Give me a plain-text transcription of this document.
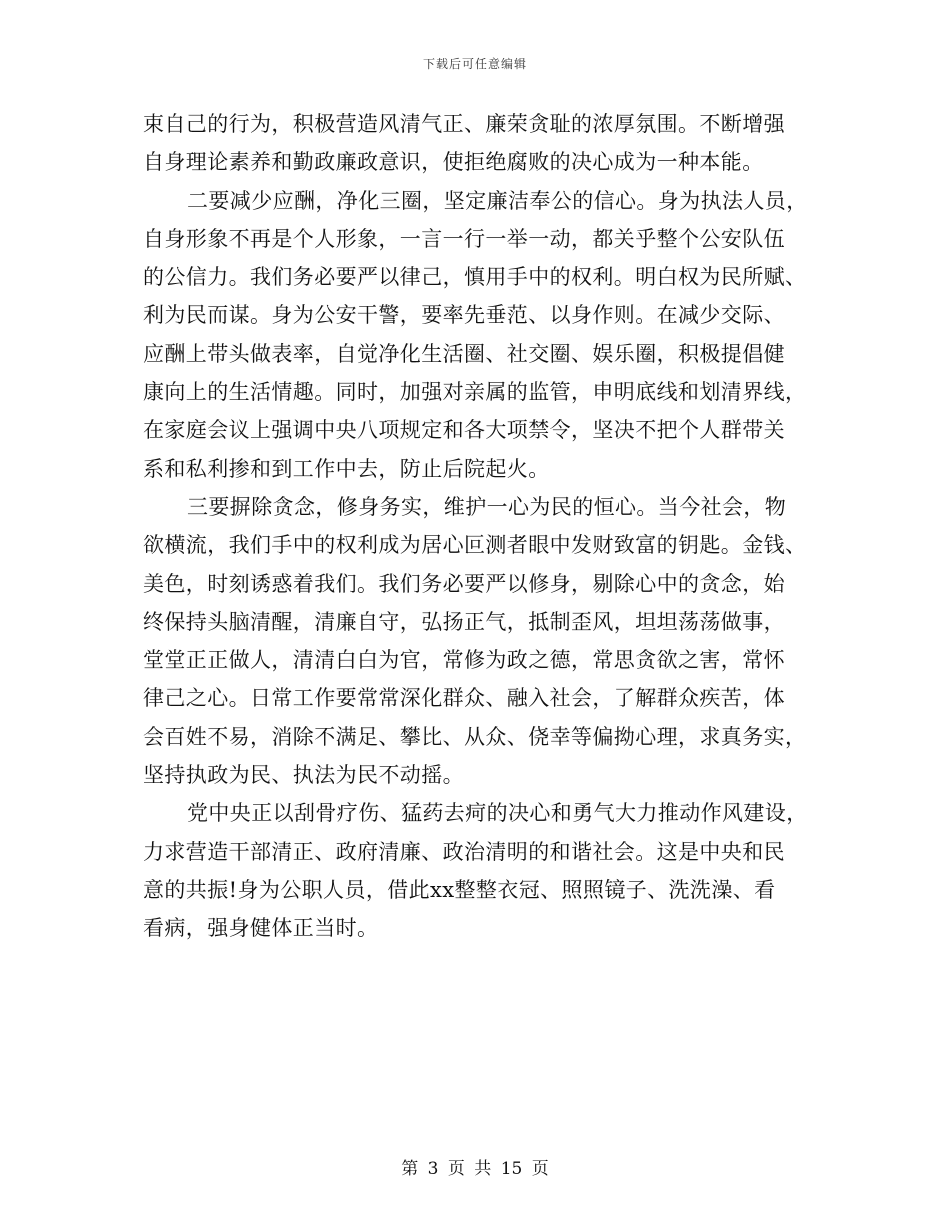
下载后可任意编辑
束自己的行为，积极营造风清气正、廉荣贪耻的浓厚氛围。不断增强
自身理论素养和勤政廉政意识，使拒绝腐败的决心成为一种本能。
二要减少应酬，净化三圈，坚定廉洁奉公的信心。身为执法人员，
自身形象不再是个人形象，一言一行一举一动，都关乎整个公安队伍
的公信力。我们务必要严以律己，慎用手中的权利。明白权为民所赋、
利为民而谋。身为公安干警，要率先垂范、以身作则。在减少交际、
应酬上带头做表率，自觉净化生活圈、社交圈、娱乐圈，积极提倡健
康向上的生活情趣。同时，加强对亲属的监管，申明底线和划清界线，
在家庭会议上强调中央八项规定和各大项禁令，坚决不把个人群带关
系和私利掺和到工作中去，防止后院起火。
三要摒除贪念，修身务实，维护一心为民的恒心。当今社会，物
欲横流，我们手中的权利成为居心叵测者眼中发财致富的钥匙。金钱、
美色，时刻诱惑着我们。我们务必要严以修身，剔除心中的贪念，始
终保持头脑清醒，清廉自守，弘扬正气，抵制歪风，坦坦荡荡做事，
堂堂正正做人，清清白白为官，常修为政之德，常思贪欲之害，常怀
律己之心。日常工作要常常深化群众、融入社会，了解群众疾苦，体
会百姓不易，消除不满足、攀比、从众、侥幸等偏拗心理，求真务实，
坚持执政为民、执法为民不动摇。
党中央正以刮骨疗伤、猛药去疴的决心和勇气大力推动作风建设，
力求营造干部清正、政府清廉、政治清明的和谐社会。这是中央和民
意的共振!身为公职人员，借此xx整整衣冠、照照镜子、洗洗澡、看
看病，强身健体正当时。
第 3 页 共 15 页
